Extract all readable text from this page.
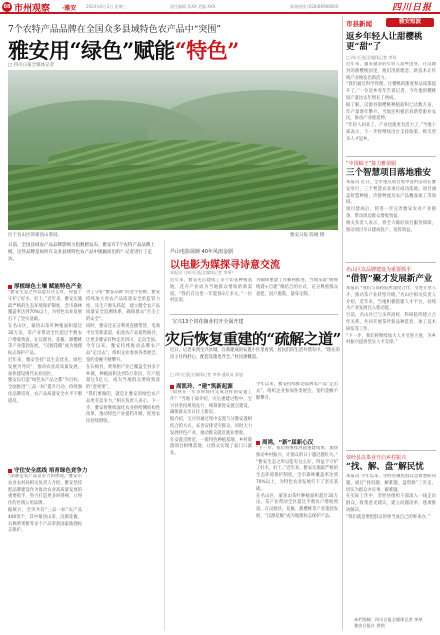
08 市州观察 ·雅安 2024年6月3日 星期三	责任编辑 张XX 美编 XXX	新闻热线 (028)86968000	四川日报
7个农特产品品牌在全国众多县域特色农产品中“突围”
雅安用“绿色”赋能“特色”
□ 四川日报全媒体记者
位于名山区的蒙顶山茶园。	雅安日报 陈刚 摄
日前，全国县域农产品品牌影响力指数榜发布，雅安有7个农特产品品牌上榜。这些品牌是如何在众多县域特色农产品中脱颖而出的？记者进行了走访。
厚植绿色土壤 赋能特色产业

“雅安生态之所以能有这么好，得益于守护了好水、好土。”近年来，雅安实施最严格的生态环境保护制度，全市森林覆盖率达到70%以上，为特色农业发展打下了坚实基础。

在名山区，蒙顶山茶叶种植面积超过30万亩，茶产业带动全区超过半数农户增收致富。在汉源县，花椒、甜樱桃等产业蓬勃发展，“汉源花椒”成为地理标志保护产品。

近年来，雅安坚持“以生态优先、绿色发展为导向”，推动农业高质量发展，加快建设现代农业园区。

雅安以打造“绿色农产品之都”为目标，全面推进“三品一标”提升行动，持续强化品牌培育，农产品质量安全水平不断提高。

守住安全底线 培育绿色竞争力

“品牌是农产品竞争力的体现。”雅安市农业农村局相关负责人介绍，雅安坚持把品牌建设作为推动农业高质量发展的重要抓手，努力打造更多叫得响、立得住的区域公用品牌。

据统计，全市共有“三品一标”农产品400余个，其中蒙顶山茶、汉源花椒、石棉黄果柑等多个产品荣获国家地理标志保护。

为了守好“雅安品牌”的金字招牌，雅安持续加大对农产品质量安全的监管力度，从生产源头抓起，建立健全农产品质量安全追溯体系，确保群众“舌尖上的安全”。

同时，雅安还充分利用直播带货、电商平台等新渠道，拓宽农产品销售路径，让更多雅安好物走出四川、走向全国。

今年以来，雅安持续推动品牌农产品“走出去”，组织企业参加各类展会，签约金额不断攀升。

在石棉县，黄果柑产业已覆盖全县多个乡镇，种植面积达到5万余亩，年产值超过5亿元，成为当地群众增收致富的“金果果”。

“我们要做的，就是让雅安的绿色农产品更有竞争力。”相关负责人表示，下一步，雅安将继续深化农业供给侧结构性改革，推动特色产业提档升级，促进农民持续增收。

芦山电影展映 40年风雨金剧
以电影为媒探寻诗意交流
本报讯（四川日报全媒体记者 李琴）

近年来，雅安先后建成了多个切花种植基地，花卉产业成为当地群众增收的新渠道。“我们在这里一年能挣3万多元。”一位村民说。

为确保重建工作顺利推进，当地采取“统规统建+自建”相结合的方式，充分尊重群众意愿，因户施策，量身定制。

宝兴13个切花摘业村开全面开建
灾后恢复重建的“疏解之道”
近日，记者来到宝兴县城，在新建成的安置小区里看到，居民们的生活井然有序。“现在的房子住得舒心，配套设施也齐全。”村民感慨道。
□ 四川日报全媒体记者 李琴 通讯员 张旭
周凯玲、“建”筑新起源

“如何在一年多时间内完成这样的安置工作？”当地干部介绍，灾后重建过程中，宝兴县坚持规划先行，统筹推进安置点建设，确保群众早日住上新房。

据介绍，宝兴县通过集中安置与分散安置相结合的方式，妥善安排受灾群众，同时大力发展特色产业，推动群众就近就业增收。

在安置点附近，一批特色种植基地、乡村旅游项目相继落地，让群众实现了家门口就业。

周鸿，“新”届新心汉

今年以来，雅安持续推动品牌农产品“走出去”，组织企业参加各类展会，签约金额不断攀升。

“下一步，我们将继续巩固重建成果，加快推动乡村振兴，让群众的日子越过越红火。”

“雅安生态之所以能有这么好，得益于守护了好水、好土。”近年来，雅安实施最严格的生态环境保护制度，全市森林覆盖率达到70%以上，为特色农业发展打下了坚实基础。

在名山区，蒙顶山茶叶种植面积超过30万亩，茶产业带动全区超过半数农户增收致富。在汉源县，花椒、甜樱桃等产业蓬勃发展，“汉源花椒”成为地理标志保护产品。

市县新闻	雅安短波
返乡年轻人让甜樱桃更“甜”了
□ 四川日报全媒体记者 李琴

近年来，越来越多的年轻人返乡创业，在汉源县的甜樱桃园里，他们用新理念、新技术让传统产业焕发出新活力。

“我们通过科学管理，让樱桃的甜度和品质都提升了。”一位返乡青年告诉记者，今年他的樱桃园产量比去年增长了两成。

据了解，汉源县甜樱桃种植面积已达数万亩，年产量逐年攀升。当地还积极培育新型职业农民，推动产业链延伸。

“年轻人回来了，产业也就更有活力了。”当地干部表示，下一步将继续出台支持政策，吸引更多人才返乡。

“中国柚王”接力雅荥服
三个智慧项目落地雅安

本报讯 近日，全市重点项目集中签约活动在雅安举行，三个智慧农业项目成功落地。项目涵盖智慧种植、冷链物流及农产品精深加工等领域。

项目建成后，将进一步完善雅安农业产业链条，带动周边群众增收致富。

相关负责人表示，将全力做好项目服务保障，推动项目早日建成投产、发挥效益。

名山区以品牌建设为重要抓手
“借智”聚才发展新产业

本报讯 “我们与高校院所深度合作，引进专业人才，推动茶产业转型升级。”名山区相关负责人介绍，近年来，当地积极搭建人才平台，持续为产业发展注入新动能。

目前，名山区已与多所高校、科研院所建立合作关系，共同开展茶叶新品种选育、加工技术研发等工作。

“下一步，我们将继续加大人才引进力度，为乡村振兴提供坚实人才支撑。”

荥经县以茶业开启乡村振兴
“找、解、盘”解民忧

本报讯 今年以来，荥经县聚焦群众急难愁盼问题，通过“找问题、解难题、盘资源”三步走，切实为群众办实事、解难题。

在实际工作中，荥经县组织干部深入一线走访群众，收集意见建议，建立问题清单，逐项推动解决。

“我们就是要把群众的事当成自己的事来办。”

本栏图稿：四川日报全媒体记者 李琴
雅安日报社 供图
